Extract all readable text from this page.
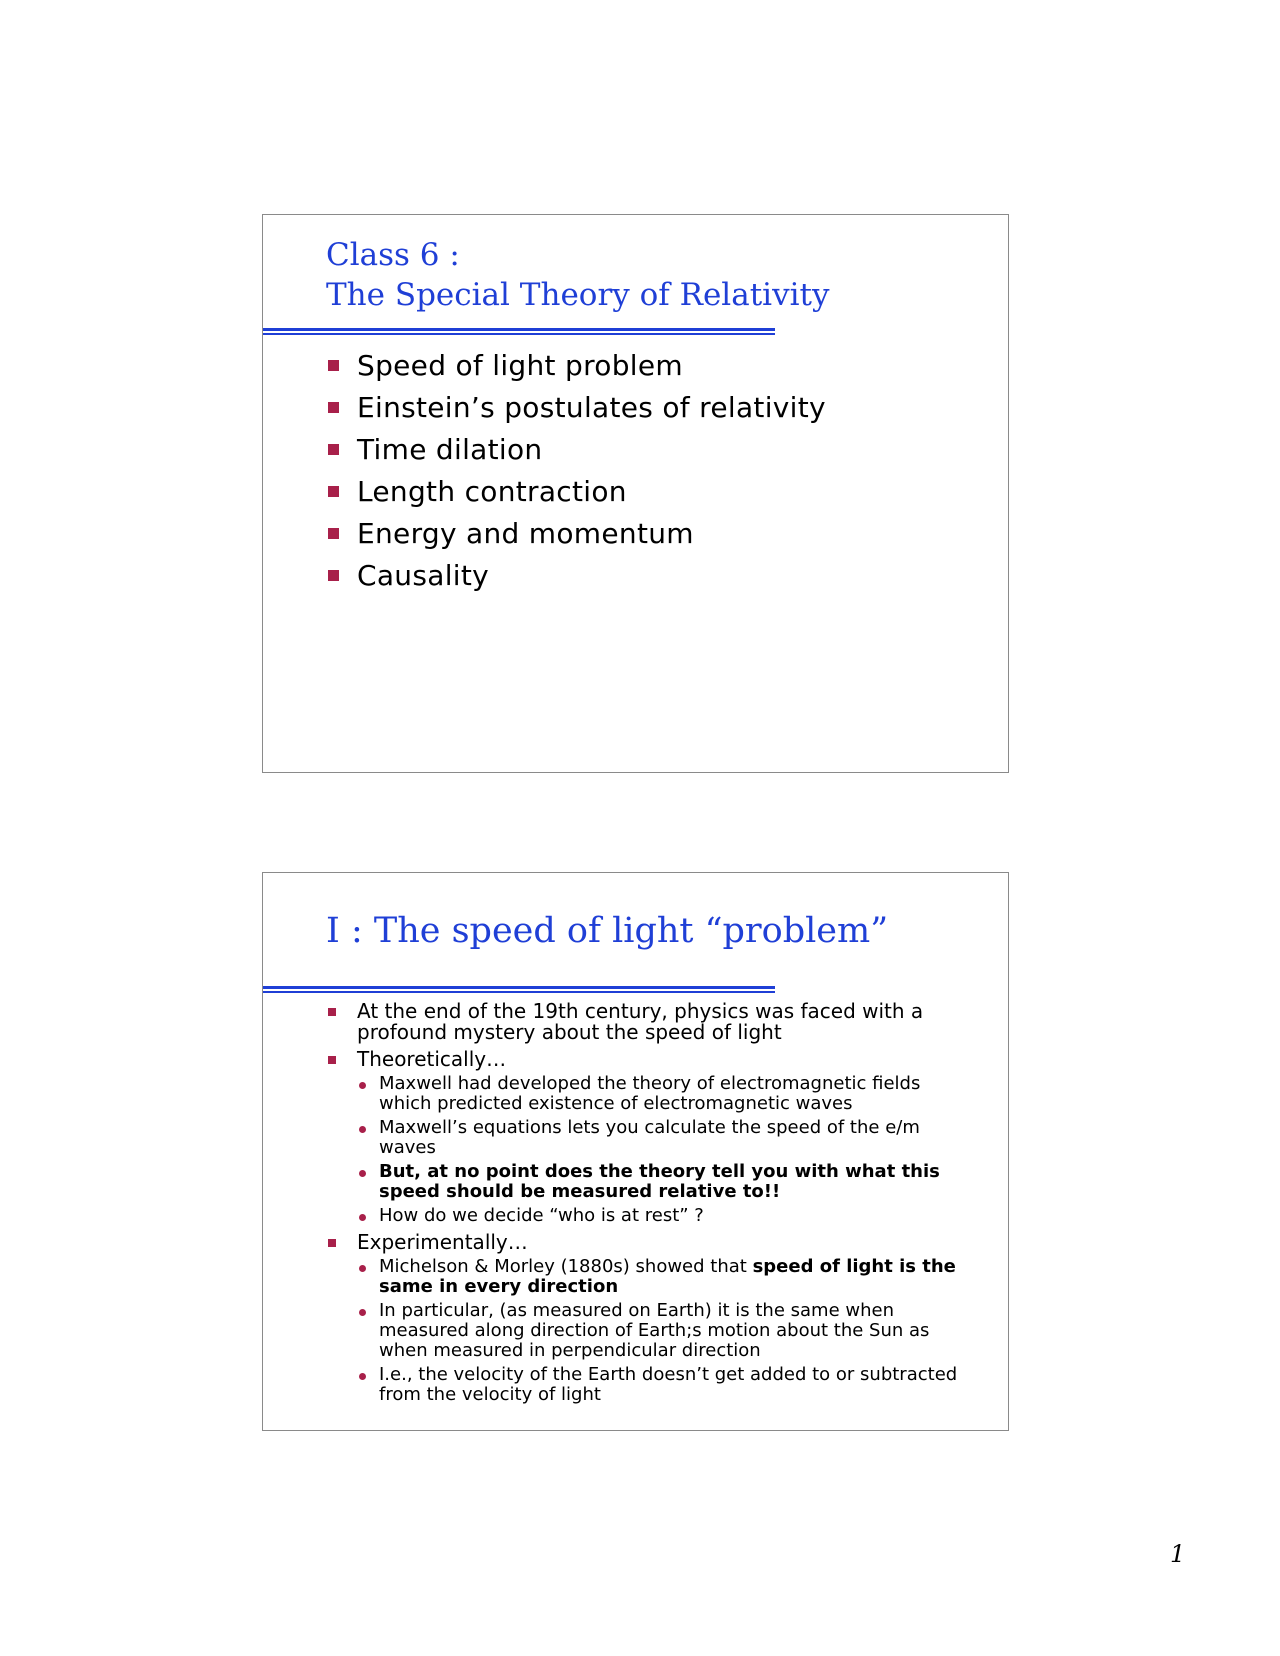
Class 6 :
The Special Theory of Relativity
Speed of light problem
Einstein’s postulates of relativity
Time dilation
Length contraction
Energy and momentum
Causality
I : The speed of light “problem”
At the end of the 19th century, physics was faced with a profound mystery about the speed of light
Theoretically…
Maxwell had developed the theory of electromagnetic fields which predicted existence of electromagnetic waves
Maxwell’s equations lets you calculate the speed of the e/m waves
But, at no point does the theory tell you with what this speed should be measured relative to!!
How do we decide “who is at rest” ?
Experimentally…
Michelson & Morley (1880s) showed that speed of light is the same in every direction
In particular, (as measured on Earth) it is the same when measured along direction of Earth;s motion about the Sun as when measured in perpendicular direction
I.e., the velocity of the Earth doesn’t get added to or subtracted from the velocity of light
1
